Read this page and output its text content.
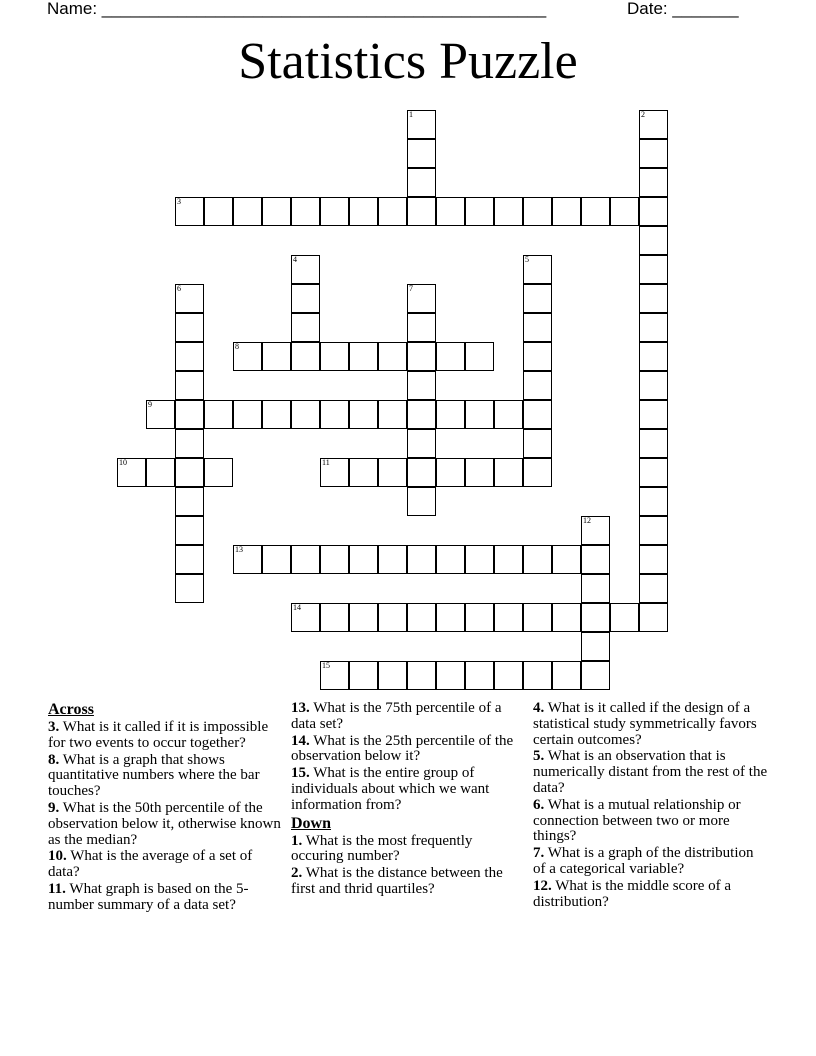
Name: _______________________________________________	Date: _______
Statistics Puzzle
1	2
3
4	5
6	7
8
9
10	11
12
13
14
15
Across
3. What is it called if it is impossible for two events to occur together?
8. What is a graph that shows quantitative numbers where the bar touches?
9. What is the 50th percentile of the observation below it, otherwise known as the median?
10. What is the average of a set of data?
11. What graph is based on the 5-number summary of a data set?
13. What is the 75th percentile of a data set?
14. What is the 25th percentile of the observation below it?
15. What is the entire group of individuals about which we want information from?
Down
1. What is the most frequently occuring number?
2. What is the distance between the first and thrid quartiles?
4. What is it called if the design of a statistical study symmetrically favors certain outcomes?
5. What is an observation that is numerically distant from the rest of the data?
6. What is a mutual relationship or connection between two or more things?
7. What is a graph of the distribution of a categorical variable?
12. What is the middle score of a distribution?
